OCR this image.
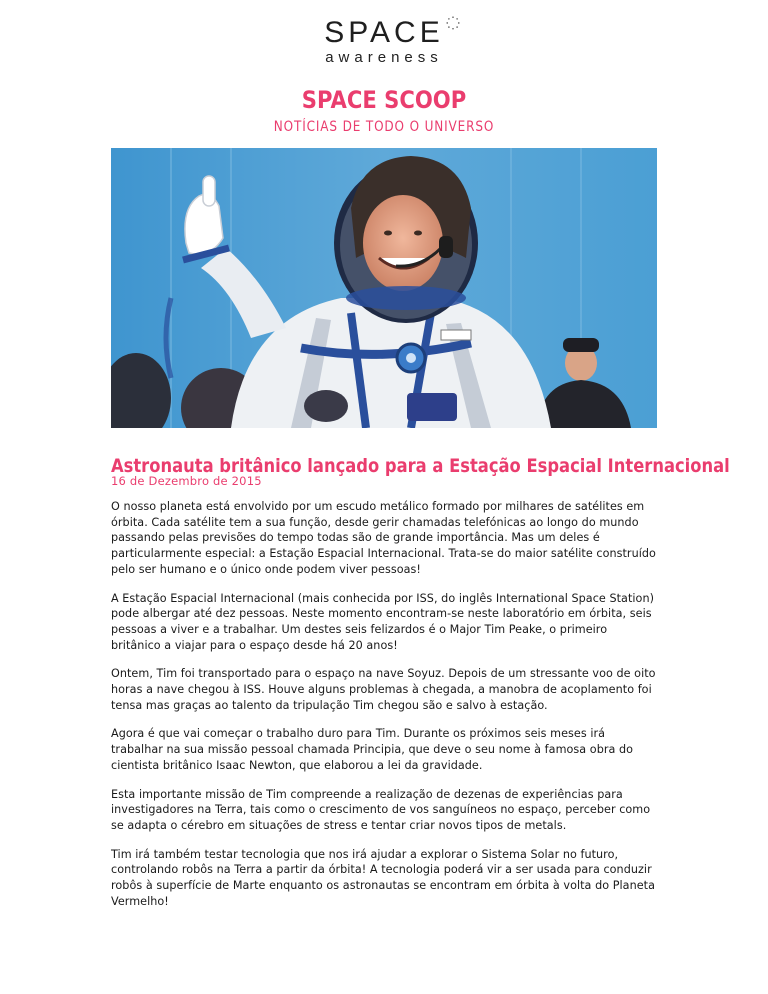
SPACE
awareness
SPACE SCOOP
NOTÍCIAS DE TODO O UNIVERSO
Astronauta britânico lançado para a Estação Espacial Internacional
16 de Dezembro de 2015

O nosso planeta está envolvido por um escudo metálico formado por milhares de satélites em órbita. Cada satélite tem a sua função, desde gerir chamadas telefónicas ao longo do mundo passando pelas previsões do tempo todas são de grande importância. Mas um deles é particularmente especial: a Estação Espacial Internacional. Trata-se do maior satélite construído pelo ser humano e o único onde podem viver pessoas!

A Estação Espacial Internacional (mais conhecida por ISS, do inglês International Space Station) pode albergar até dez pessoas. Neste momento encontram-se neste laboratório em órbita, seis pessoas a viver e a trabalhar. Um destes seis felizardos é o Major Tim Peake, o primeiro britânico a viajar para o espaço desde há 20 anos!

Ontem, Tim foi transportado para o espaço na nave Soyuz. Depois de um stressante voo de oito horas a nave chegou à ISS. Houve alguns problemas à chegada, a manobra de acoplamento foi tensa mas graças ao talento da tripulação Tim chegou são e salvo à estação.

Agora é que vai começar o trabalho duro para Tim. Durante os próximos seis meses irá trabalhar na sua missão pessoal chamada Principia, que deve o seu nome à famosa obra do cientista britânico Isaac Newton, que elaborou a lei da gravidade.

Esta importante missão de Tim compreende a realização de dezenas de experiências para investigadores na Terra, tais como o crescimento de vos sanguíneos no espaço, perceber como se adapta o cérebro em situações de stress e tentar criar novos tipos de metals.

Tim irá também testar tecnologia que nos irá ajudar a explorar o Sistema Solar no futuro, controlando robôs na Terra a partir da órbita! A tecnologia poderá vir a ser usada para conduzir robôs à superfície de Marte enquanto os astronautas se encontram em órbita à volta do Planeta Vermelho!
